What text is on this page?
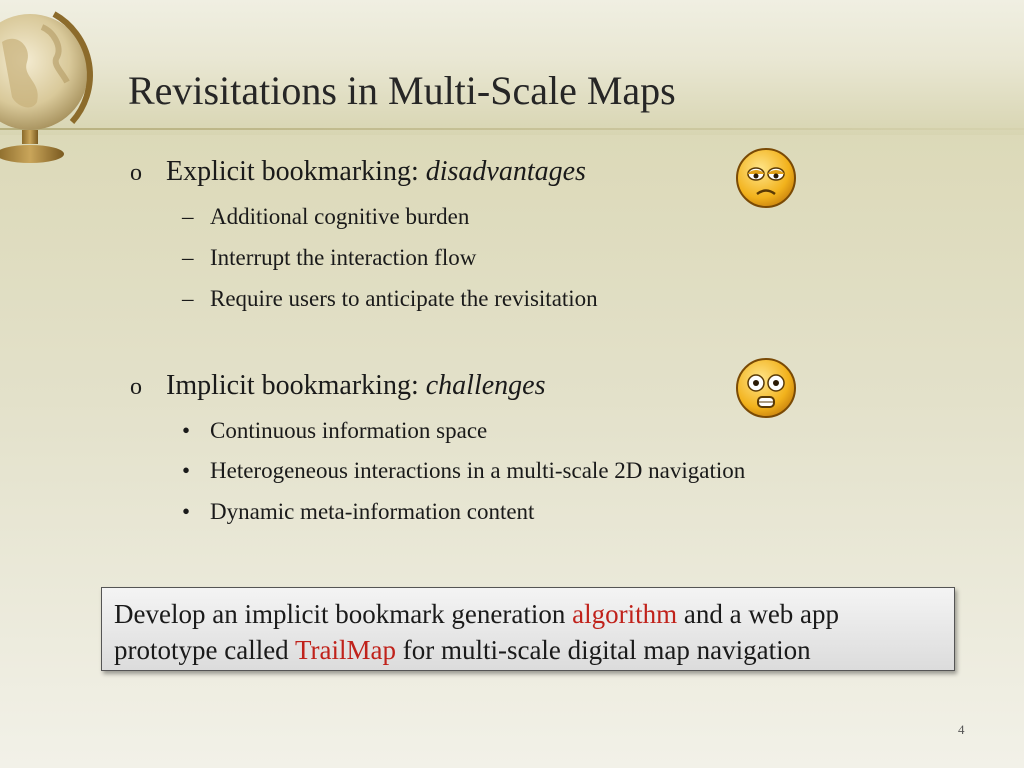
Revisitations in Multi-Scale Maps
o Explicit bookmarking: disadvantages
– Additional cognitive burden
– Interrupt the interaction flow
– Require users to anticipate the revisitation
o Implicit bookmarking: challenges
• Continuous information space
• Heterogeneous interactions in a multi-scale 2D navigation
• Dynamic meta-information content
Develop an implicit bookmark generation algorithm and a web app prototype called TrailMap for multi-scale digital map navigation
4
